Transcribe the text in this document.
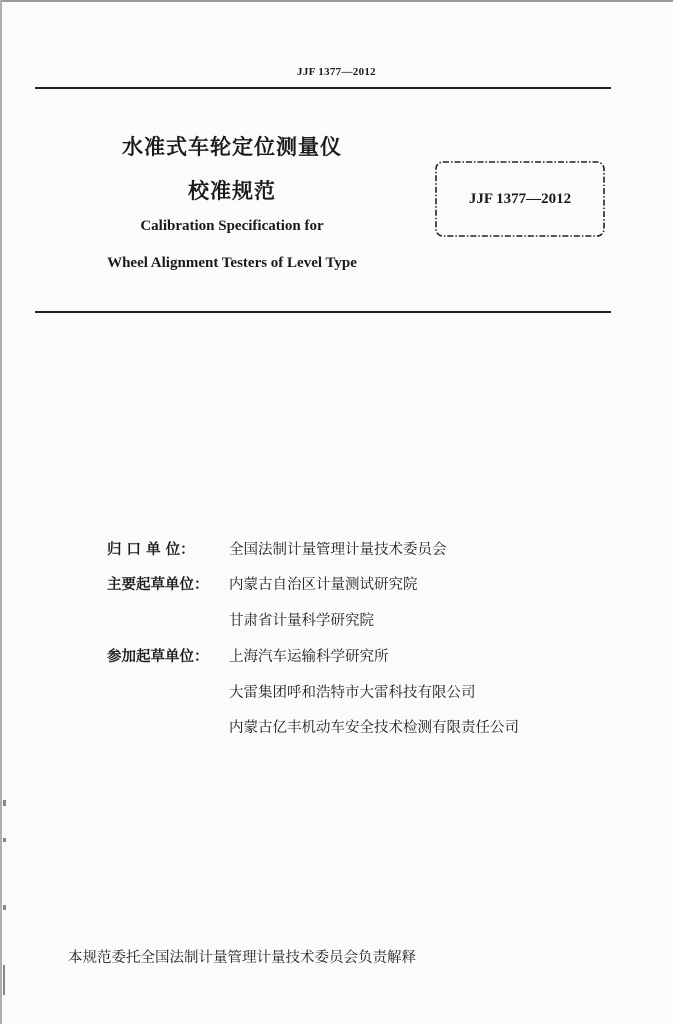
JJF 1377—2012
水准式车轮定位测量仪
校准规范
Calibration Specification for
Wheel Alignment Testers of Level Type
JJF 1377—2012
归 口 单 位：	全国法制计量管理计量技术委员会
主要起草单位：	内蒙古自治区计量测试研究院
甘肃省计量科学研究院
参加起草单位：	上海汽车运输科学研究所
大雷集团呼和浩特市大雷科技有限公司
内蒙古亿丰机动车安全技术检测有限责任公司
本规范委托全国法制计量管理计量技术委员会负责解释
